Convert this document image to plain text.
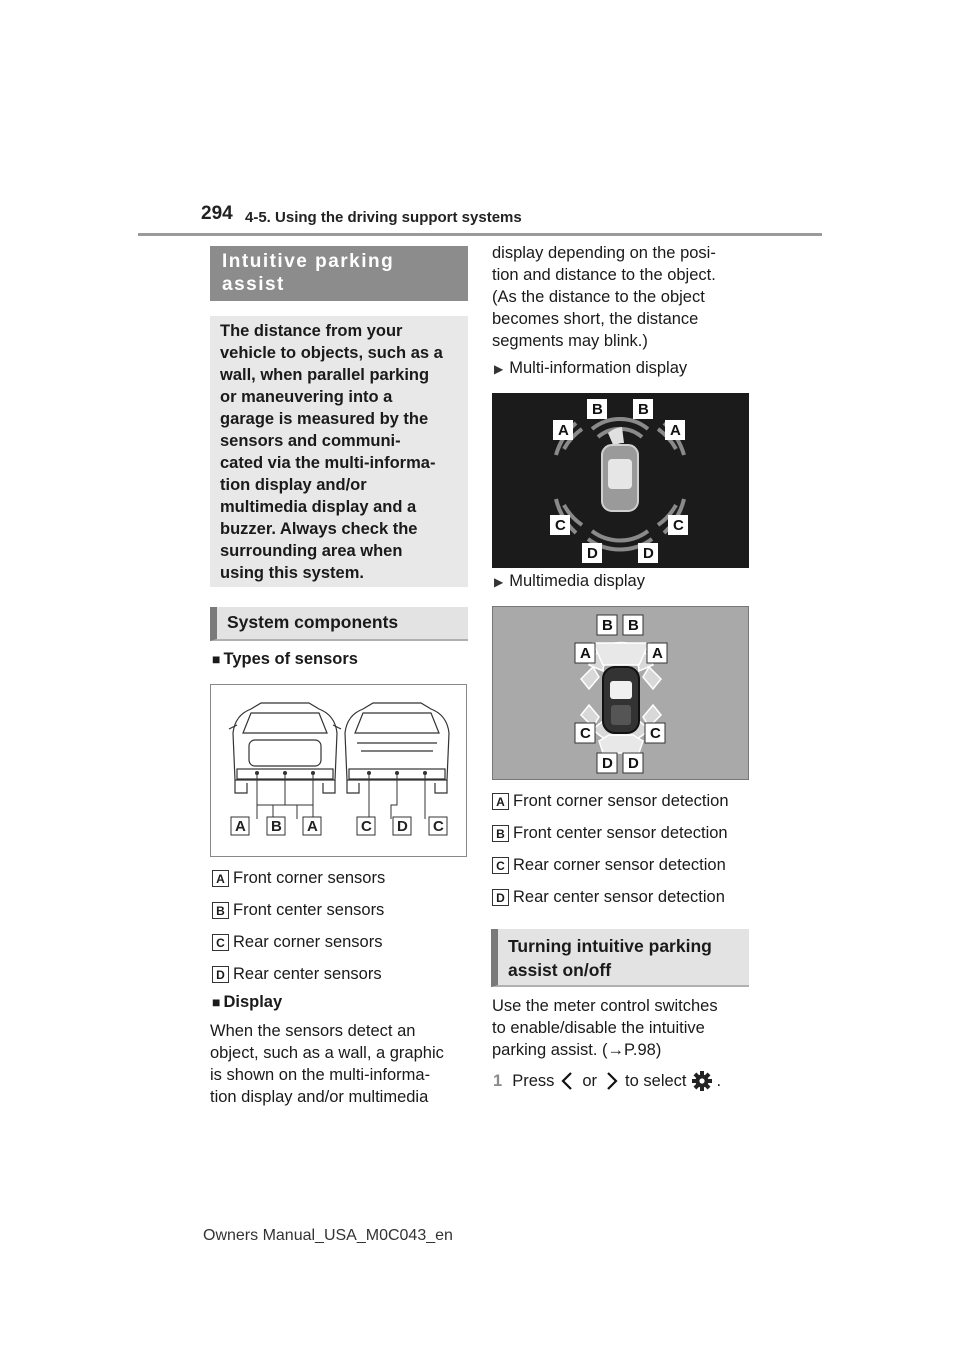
294 4-5. Using the driving support systems
Intuitive parking
assist
The distance from your
vehicle to objects, such as a
wall, when parallel parking
or maneuvering into a
garage is measured by the
sensors and communi-
cated via the multi-informa-
tion display and/or
multimedia display and a
buzzer. Always check the
surrounding area when
using this system.
System components
■ Types of sensors
A B A	C D C
A Front corner sensors
B Front center sensors
C Rear corner sensors
D Rear center sensors
■ Display
When the sensors detect an
object, such as a wall, a graphic
is shown on the multi-informa-
tion display and/or multimedia
display depending on the posi-
tion and distance to the object.
(As the distance to the object
becomes short, the distance
segments may blink.)
▶ Multi-information display
B B
A	A
C	C
D	D
▶ Multimedia display
B B
A	A
C	C
D D
A Front corner sensor detection
B Front center sensor detection
C Rear corner sensor detection
D Rear center sensor detection
Turning intuitive parking
assist on/off
Use the meter control switches
to enable/disable the intuitive
parking assist. (→P.98)
1 Press or to select .
Owners Manual_USA_M0C043_en
